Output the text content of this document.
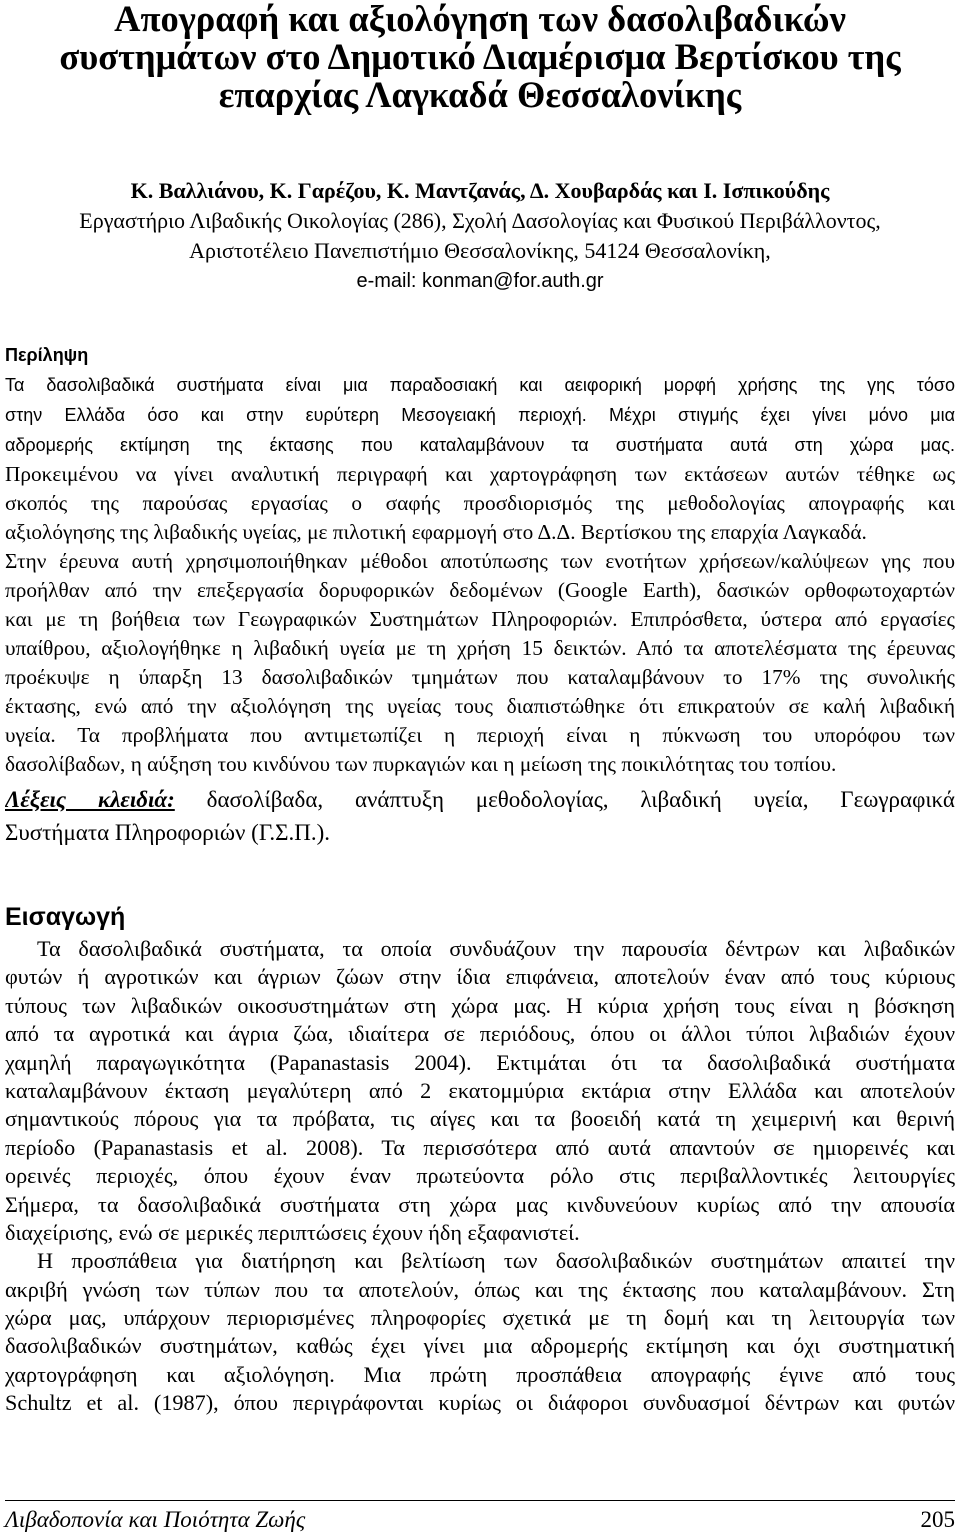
Απογραφή και αξιολόγηση των δασολιβαδικών
συστημάτων στο Δημοτικό Διαμέρισμα Βερτίσκου της
επαρχίας Λαγκαδά Θεσσαλονίκης
Κ. Βαλλιάνου, Κ. Γαρέζου, Κ. Μαντζανάς, Δ. Χουβαρδάς και Ι. Ισπικούδης
Εργαστήριο Λιβαδικής Οικολογίας (286), Σχολή Δασολογίας και Φυσικού Περιβάλλοντος,
Αριστοτέλειο Πανεπιστήμιο Θεσσαλονίκης, 54124 Θεσσαλονίκη,
e-mail: konman@for.auth.gr
Περίληψη
Τα δασολιβαδικά συστήματα είναι μια παραδοσιακή και αειφορική μορφή χρήσης της γης τόσο
στην Ελλάδα όσο και στην ευρύτερη Μεσογειακή περιοχή. Μέχρι στιγμής έχει γίνει μόνο μια
αδρομερής εκτίμηση της έκτασης που καταλαμβάνουν τα συστήματα αυτά στη χώρα μας.
Προκειμένου να γίνει αναλυτική περιγραφή και χαρτογράφηση των εκτάσεων αυτών τέθηκε ως
σκοπός της παρούσας εργασίας ο σαφής προσδιορισμός της μεθοδολογίας απογραφής και
αξιολόγησης της λιβαδικής υγείας, με πιλοτική εφαρμογή στο Δ.Δ. Βερτίσκου της επαρχία Λαγκαδά.
Στην έρευνα αυτή χρησιμοποιήθηκαν μέθοδοι αποτύπωσης των ενοτήτων χρήσεων/καλύψεων γης που
προήλθαν από την επεξεργασία δορυφορικών δεδομένων (Google Earth), δασικών ορθοφωτοχαρτών
και με τη βοήθεια των Γεωγραφικών Συστημάτων Πληροφοριών. Επιπρόσθετα, ύστερα από εργασίες
υπαίθρου, αξιολογήθηκε η λιβαδική υγεία με τη χρήση 15 δεικτών. Από τα αποτελέσματα της έρευνας
προέκυψε η ύπαρξη 13 δασολιβαδικών τμημάτων που καταλαμβάνουν το 17% της συνολικής
έκτασης, ενώ από την αξιολόγηση της υγείας τους διαπιστώθηκε ότι επικρατούν σε καλή λιβαδική
υγεία. Τα προβλήματα που αντιμετωπίζει η περιοχή είναι η πύκνωση του υπορόφου των
δασολίβαδων, η αύξηση του κινδύνου των πυρκαγιών και η μείωση της ποικιλότητας του τοπίου.
Λέξεις κλειδιά: δασολίβαδα, ανάπτυξη μεθοδολογίας, λιβαδική υγεία, Γεωγραφικά
Συστήματα Πληροφοριών (Γ.Σ.Π.).
Εισαγωγή
Τα δασολιβαδικά συστήματα, τα οποία συνδυάζουν την παρουσία δέντρων και λιβαδικών
φυτών ή αγροτικών και άγριων ζώων στην ίδια επιφάνεια, αποτελούν έναν από τους κύριους
τύπους των λιβαδικών οικοσυστημάτων στη χώρα μας. Η κύρια χρήση τους είναι η βόσκηση
από τα αγροτικά και άγρια ζώα, ιδιαίτερα σε περιόδους, όπου οι άλλοι τύποι λιβαδιών έχουν
χαμηλή παραγωγικότητα (Papanastasis 2004). Εκτιμάται ότι τα δασολιβαδικά συστήματα
καταλαμβάνουν έκταση μεγαλύτερη από 2 εκατομμύρια εκτάρια στην Ελλάδα και αποτελούν
σημαντικούς πόρους για τα πρόβατα, τις αίγες και τα βοοειδή κατά τη χειμερινή και θερινή
περίοδο (Papanastasis et al. 2008). Τα περισσότερα από αυτά απαντούν σε ημιορεινές και
ορεινές περιοχές, όπου έχουν έναν πρωτεύοντα ρόλο στις περιβαλλοντικές λειτουργίες
Σήμερα, τα δασολιβαδικά συστήματα στη χώρα μας κινδυνεύουν κυρίως από την απουσία
διαχείρισης, ενώ σε μερικές περιπτώσεις έχουν ήδη εξαφανιστεί.
Η προσπάθεια για διατήρηση και βελτίωση των δασολιβαδικών συστημάτων απαιτεί την
ακριβή γνώση των τύπων που τα αποτελούν, όπως και της έκτασης που καταλαμβάνουν. Στη
χώρα μας, υπάρχουν περιορισμένες πληροφορίες σχετικά με τη δομή και τη λειτουργία των
δασολιβαδικών συστημάτων, καθώς έχει γίνει μια αδρομερής εκτίμηση και όχι συστηματική
χαρτογράφηση και αξιολόγηση. Μια πρώτη προσπάθεια απογραφής έγινε από τους
Schultz et al. (1987), όπου περιγράφονται κυρίως οι διάφοροι συνδυασμοί δέντρων και φυτών
Λιβαδοπονία και Ποιότητα Ζωής	205
